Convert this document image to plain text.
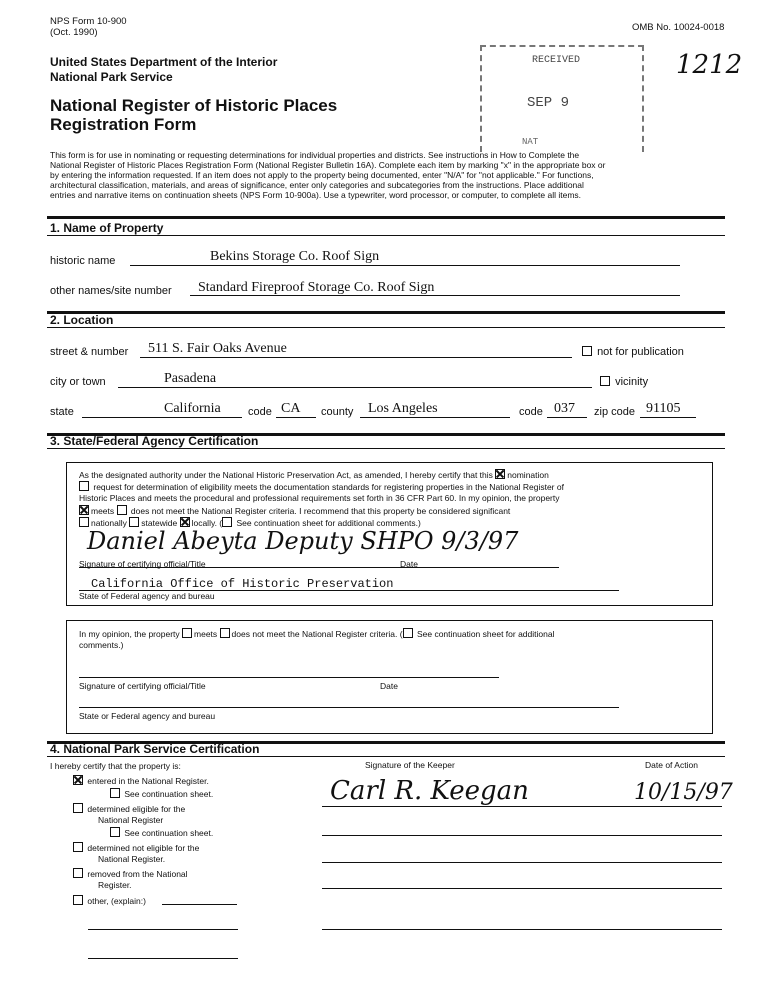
NPS Form 10-900
(Oct. 1990)	OMB No. 10024-0018
United States Department of the Interior
National Park Service
National Register of Historic Places
Registration Form
RECEIVED
SEP 9
NAT
1212
This form is for use in nominating or requesting determinations for individual properties and districts. See instructions in How to Complete the
National Register of Historic Places Registration Form (National Register Bulletin 16A). Complete each item by marking "x" in the appropriate box or
by entering the information requested. If an item does not apply to the property being documented, enter "N/A" for "not applicable." For functions,
architectural classification, materials, and areas of significance, enter only categories and subcategories from the instructions. Place additional
entries and narrative items on continuation sheets (NPS Form 10-900a). Use a typewriter, word processor, or computer, to complete all items.
1. Name of Property
historic name	Bekins Storage Co. Roof Sign
other names/site number Standard Fireproof Storage Co. Roof Sign
2. Location
street & number 511 S. Fair Oaks Avenue	not for publication
city or town	Pasadena	vicinity
state	California code CA county Los Angeles	code 037 zip code 91105
3. State/Federal Agency Certification
As the designated authority under the National Historic Preservation Act, as amended, I hereby certify that this nomination
request for determination of eligibility meets the documentation standards for registering properties in the National Register of
Historic Places and meets the procedural and professional requirements set forth in 36 CFR Part 60. In my opinion, the property
meets does not meet the National Register criteria. I recommend that this property be considered significant
nationally statewide locally. ( See continuation sheet for additional comments.)
Daniel Abeyta Deputy SHPO 9/3/97
Signature of certifying official/Title	Date
California Office of Historic Preservation
State of Federal agency and bureau
In my opinion, the property meets does not meet the National Register criteria. ( See continuation sheet for additional
comments.)
Signature of certifying official/Title	Date
State or Federal agency and bureau
4. National Park Service Certification
I hereby certify that the property is:
entered in the National Register.
See continuation sheet.
determined eligible for the
National Register
See continuation sheet.
determined not eligible for the
National Register.
removed from the National
Register.
other, (explain:)
Signature of the Keeper	Date of Action
Carl R. Keegan	10/15/97
